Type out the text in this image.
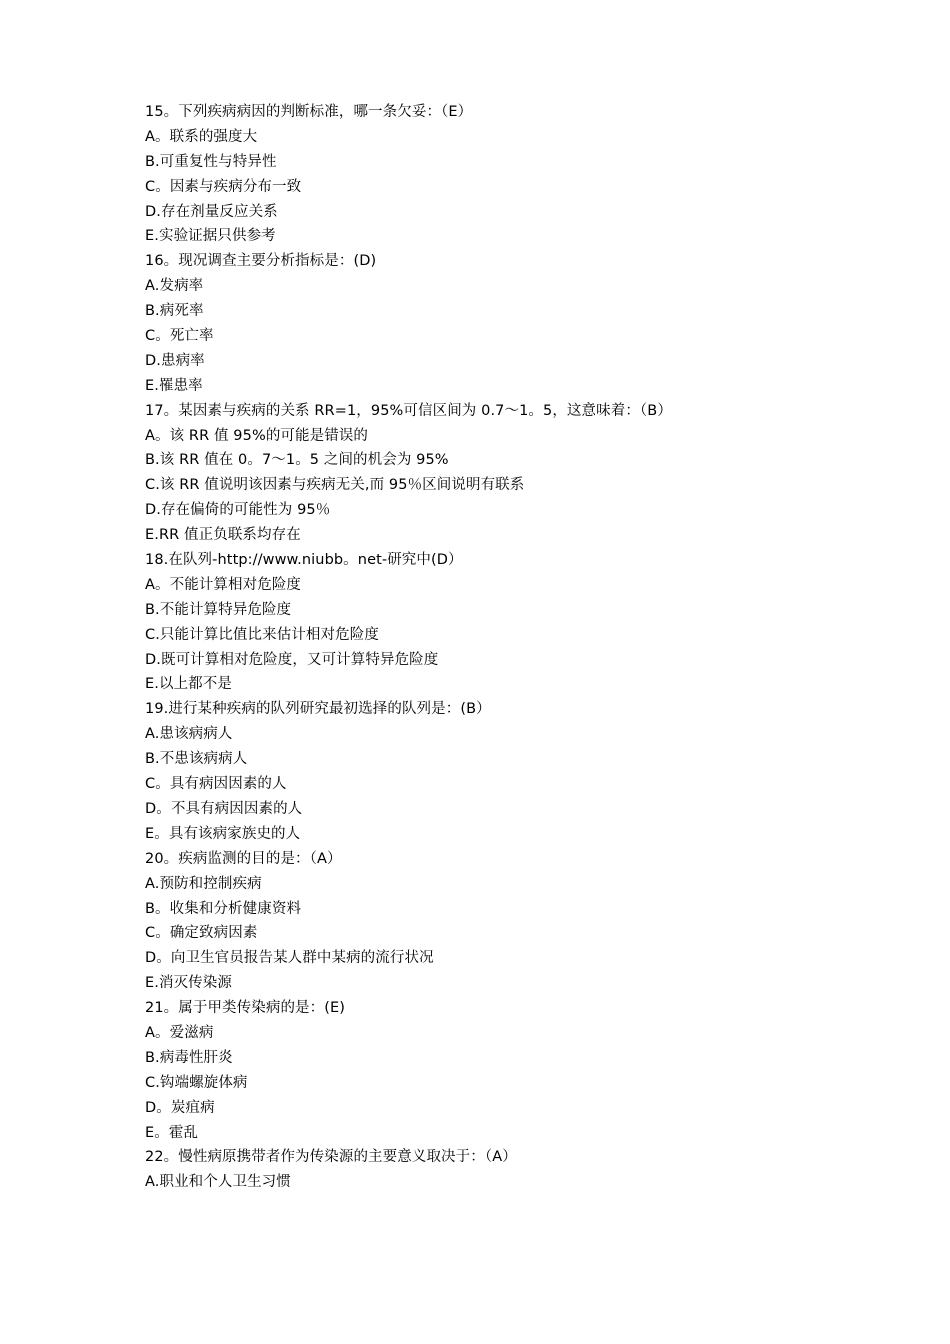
15。下列疾病病因的判断标准，哪一条欠妥：（E）
A。联系的强度大
B.可重复性与特异性
C。因素与疾病分布一致
D.存在剂量反应关系
E.实验证据只供参考
16。现况调查主要分析指标是：(D)
A.发病率
B.病死率
C。死亡率
D.患病率
E.罹患率
17。某因素与疾病的关系 RR=1，95%可信区间为 0.7～1。5，这意味着：（B）
A。该 RR 值 95%的可能是错误的
B.该 RR 值在 0。7～1。5 之间的机会为 95%
C.该 RR 值说明该因素与疾病无关,而 95％区间说明有联系
D.存在偏倚的可能性为 95％
E.RR 值正负联系均存在
18.在队列-http://www.niubb。net-研究中(D）
A。不能计算相对危险度
B.不能计算特异危险度
C.只能计算比值比来估计相对危险度
D.既可计算相对危险度，又可计算特异危险度
E.以上都不是
19.进行某种疾病的队列研究最初选择的队列是：(B）
A.患该病病人
B.不患该病病人
C。具有病因因素的人
D。不具有病因因素的人
E。具有该病家族史的人
20。疾病监测的目的是：（A）
A.预防和控制疾病
B。收集和分析健康资料
C。确定致病因素
D。向卫生官员报告某人群中某病的流行状况
E.消灭传染源
21。属于甲类传染病的是：(E)
A。爱滋病
B.病毒性肝炎
C.钩端螺旋体病
D。炭疽病
E。霍乱
22。慢性病原携带者作为传染源的主要意义取决于：（A）
A.职业和个人卫生习惯
